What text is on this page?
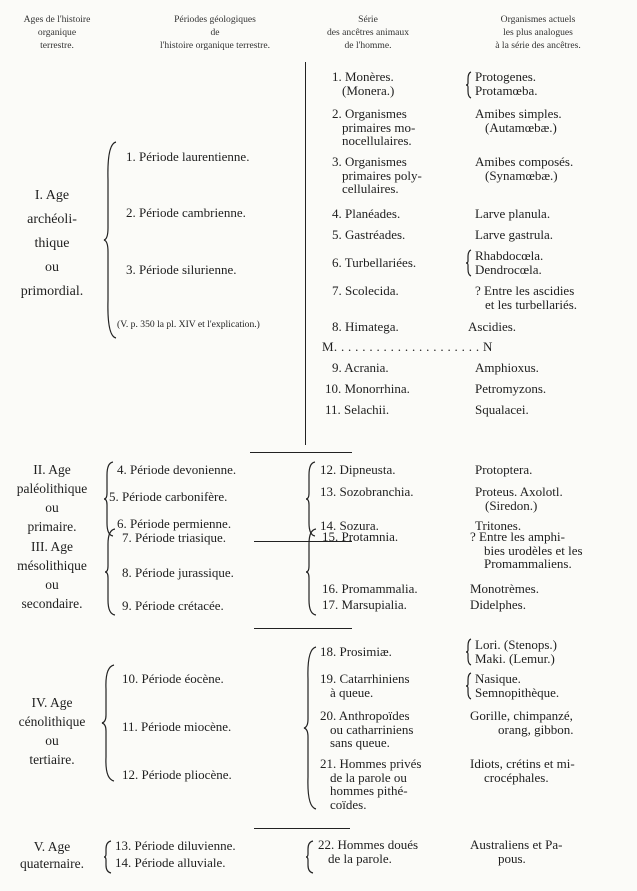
Ages de l'histoire
organique
terrestre.
Périodes géologiques
de
l'histoire organique terrestre.
Série
des ancêtres animaux
de l'homme.
Organismes actuels
les plus analogues
à la série des ancêtres.
I. Age
archéoli-
thique
ou
primordial.
1. Période laurentienne.
2. Période cambrienne.
3. Période silurienne.
(V. p. 350 la pl. XIV et l'explication.)
1. Monères.
(Monera.)
2. Organismes
primaires mo-
nocellulaires.
3. Organismes
primaires poly-
cellulaires.
4. Planéades.
5. Gastréades.
6. Turbellariées.
7. Scolecida.
8. Himatega.
M. . . . . . . . . . . . . . . . . . . . . N
9. Acrania.
10. Monorrhina.
11. Selachii.
Protogenes.
Protamœba.
Amibes simples.
(Autamœbæ.)
Amibes composés.
(Synamœbæ.)
Larve planula.
Larve gastrula.
Rhabdocœla.
Dendrocœla.
? Entre les ascidies
et les turbellariés.
Ascidies.
Amphioxus.
Petromyzons.
Squalacei.
II. Age
paléolithique
ou
primaire.
4. Période devonienne.
5. Période carbonifère.
6. Période permienne.
12. Dipneusta.
13. Sozobranchia.
14. Sozura.
Protoptera.
Proteus. Axolotl.
(Siredon.)
Tritones.
III. Age
mésolithique
ou
secondaire.
7. Période triasique.
8. Période jurassique.
9. Période crétacée.
15. Protamnia.
16. Promammalia.
17. Marsupialia.
? Entre les amphi-
bies urodèles et les
Promammaliens.
Monotrèmes.
Didelphes.
IV. Age
cénolithique
ou
tertiaire.
10. Période éocène.
11. Période miocène.
12. Période pliocène.
18. Prosimiæ.
19. Catarrhiniens
à queue.
20. Anthropoïdes
ou catharriniens
sans queue.
21. Hommes privés
de la parole ou
hommes pithé-
coïdes.
Lori. (Stenops.)
Maki. (Lemur.)
Nasique.
Semnopithèque.
Gorille, chimpanzé,
orang, gibbon.
Idiots, crétins et mi-
crocéphales.
V. Age
quaternaire.
13. Période diluvienne.
14. Période alluviale.
22. Hommes doués
de la parole.
Australiens et Pa-
pous.
